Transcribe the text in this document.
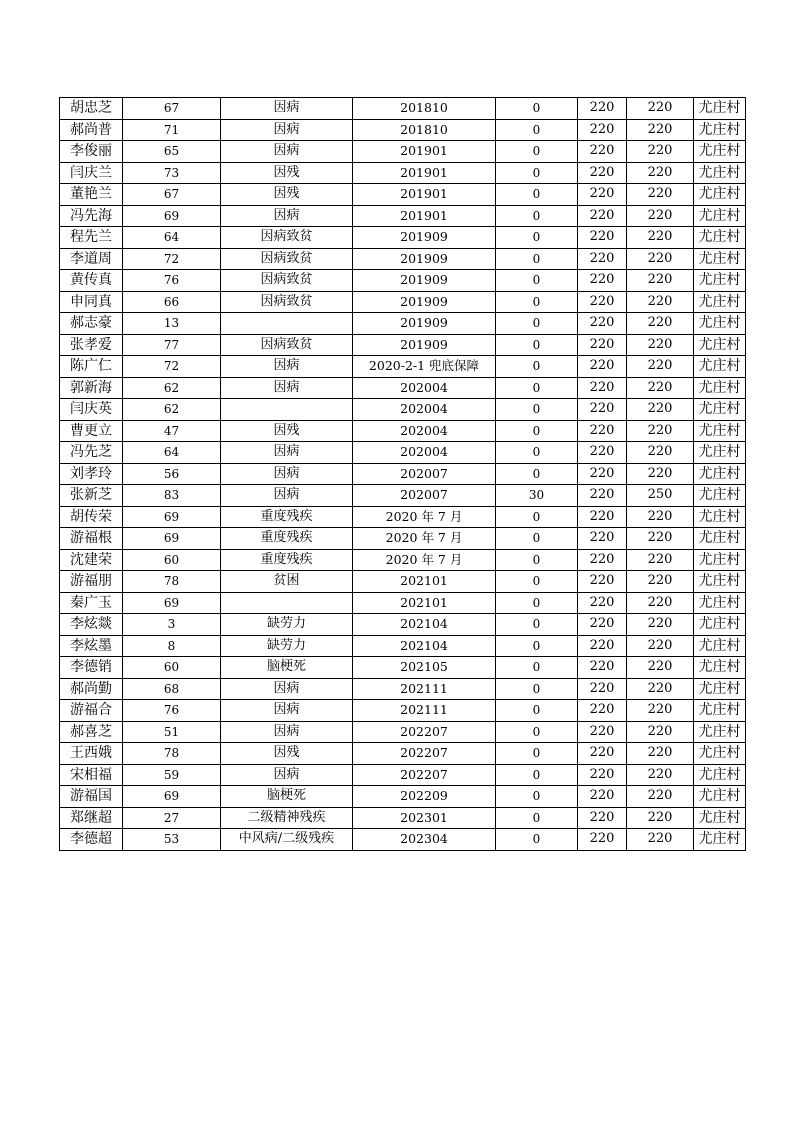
胡忠芝	67	因病	201810	0	220	220	尤庄村
郝尚普	71	因病	201810	0	220	220	尤庄村
李俊丽	65	因病	201901	0	220	220	尤庄村
闫庆兰	73	因残	201901	0	220	220	尤庄村
董艳兰	67	因残	201901	0	220	220	尤庄村
冯先海	69	因病	201901	0	220	220	尤庄村
程先兰	64	因病致贫	201909	0	220	220	尤庄村
李道周	72	因病致贫	201909	0	220	220	尤庄村
黄传真	76	因病致贫	201909	0	220	220	尤庄村
申同真	66	因病致贫	201909	0	220	220	尤庄村
郝志豪	13		201909	0	220	220	尤庄村
张孝爱	77	因病致贫	201909	0	220	220	尤庄村
陈广仁	72	因病	2020-2-1 兜底保障	0	220	220	尤庄村
郭新海	62	因病	202004	0	220	220	尤庄村
闫庆英	62		202004	0	220	220	尤庄村
曹更立	47	因残	202004	0	220	220	尤庄村
冯先芝	64	因病	202004	0	220	220	尤庄村
刘孝玲	56	因病	202007	0	220	220	尤庄村
张新芝	83	因病	202007	30	220	250	尤庄村
胡传荣	69	重度残疾	2020 年 7 月	0	220	220	尤庄村
游福根	69	重度残疾	2020 年 7 月	0	220	220	尤庄村
沈建荣	60	重度残疾	2020 年 7 月	0	220	220	尤庄村
游福朋	78	贫困	202101	0	220	220	尤庄村
秦广玉	69		202101	0	220	220	尤庄村
李炫燚	3	缺劳力	202104	0	220	220	尤庄村
李炫墨	8	缺劳力	202104	0	220	220	尤庄村
李德销	60	脑梗死	202105	0	220	220	尤庄村
郝尚勤	68	因病	202111	0	220	220	尤庄村
游福合	76	因病	202111	0	220	220	尤庄村
郝喜芝	51	因病	202207	0	220	220	尤庄村
王西娥	78	因残	202207	0	220	220	尤庄村
宋相福	59	因病	202207	0	220	220	尤庄村
游福国	69	脑梗死	202209	0	220	220	尤庄村
郑继超	27	二级精神残疾	202301	0	220	220	尤庄村
李德超	53	中风病/二级残疾	202304	0	220	220	尤庄村
